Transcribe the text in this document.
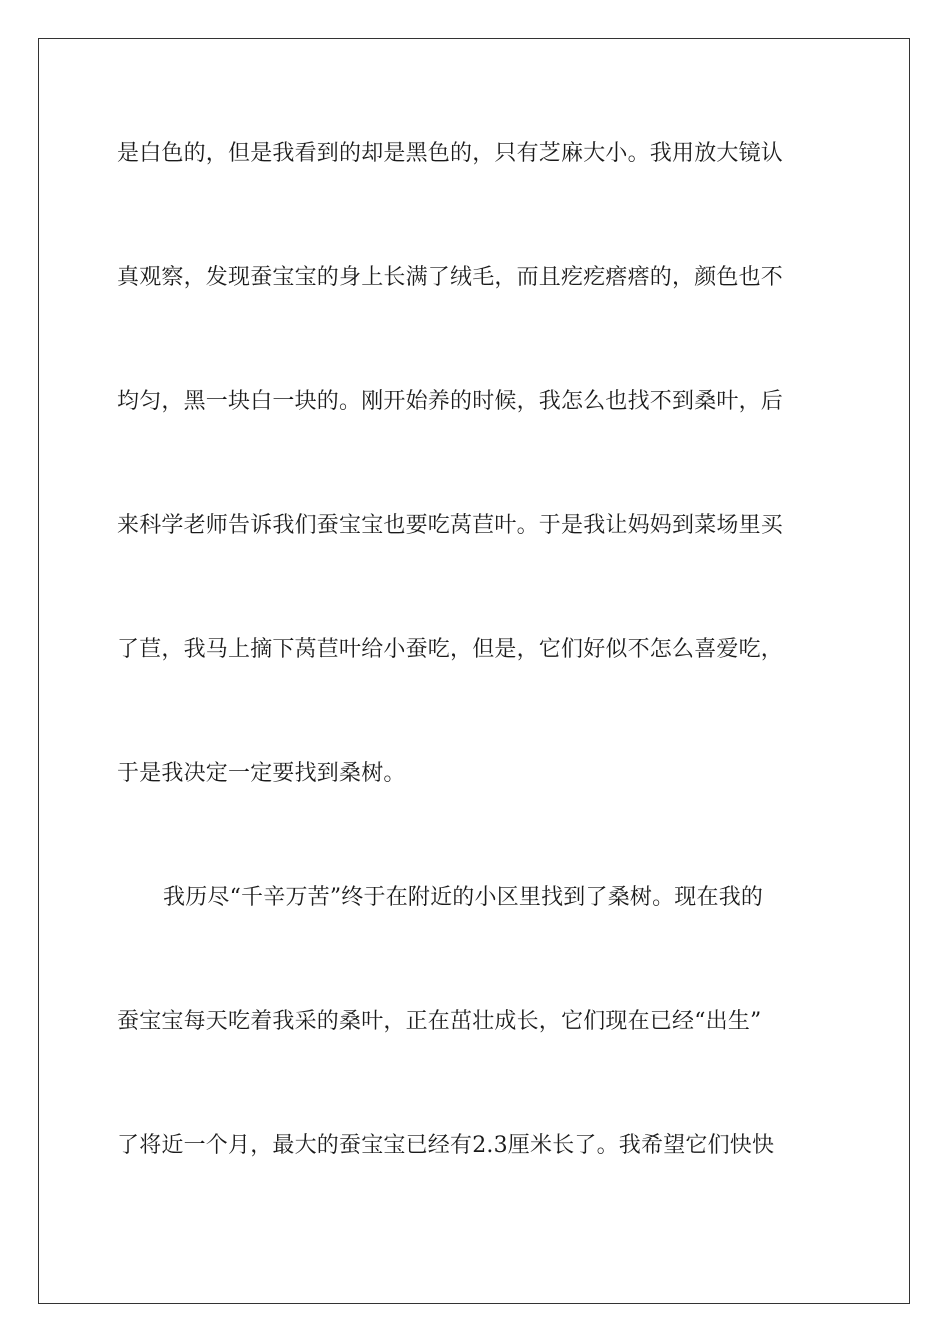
是白色的，但是我看到的却是黑色的，只有芝麻大小。我用放大镜认
真观察，发现蚕宝宝的身上长满了绒毛，而且疙疙瘩瘩的，颜色也不
均匀，黑一块白一块的。刚开始养的时候，我怎么也找不到桑叶，后
来科学老师告诉我们蚕宝宝也要吃莴苣叶。于是我让妈妈到菜场里买
了苣，我马上摘下莴苣叶给小蚕吃，但是，它们好似不怎么喜爱吃，
于是我决定一定要找到桑树。
我历尽“千辛万苦”终于在附近的小区里找到了桑树。现在我的
蚕宝宝每天吃着我采的桑叶，正在茁壮成长，它们现在已经“出生”
了将近一个月，最大的蚕宝宝已经有2.3厘米长了。我希望它们快快
